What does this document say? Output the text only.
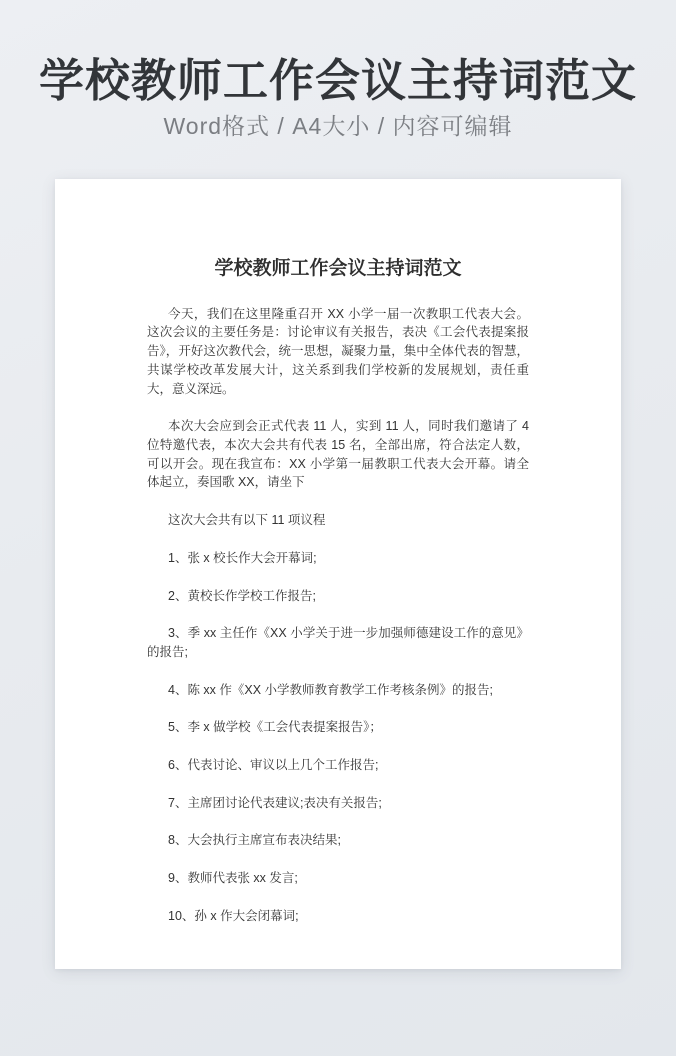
学校教师工作会议主持词范文
Word格式 / A4大小 / 内容可编辑
学校教师工作会议主持词范文

今天，我们在这里隆重召开 XX 小学一届一次教职工代表大会。这次会议的主要任务是：讨论审议有关报告，表决《工会代表提案报告》，开好这次教代会，统一思想，凝聚力量，集中全体代表的智慧，共谋学校改革发展大计，这关系到我们学校新的发展规划，责任重大，意义深远。

本次大会应到会正式代表 11 人，实到 11 人，同时我们邀请了 4 位特邀代表，本次大会共有代表 15 名，全部出席，符合法定人数，可以开会。现在我宣布：XX 小学第一届教职工代表大会开幕。请全体起立，奏国歌 XX，请坐下

这次大会共有以下 11 项议程

1、张 x 校长作大会开幕词;

2、黄校长作学校工作报告;

3、季 xx 主任作《XX 小学关于进一步加强师德建设工作的意见》的报告;

4、陈 xx 作《XX 小学教师教育教学工作考核条例》的报告;

5、李 x 做学校《工会代表提案报告》；

6、代表讨论、审议以上几个工作报告;

7、主席团讨论代表建议;表决有关报告;

8、大会执行主席宣布表决结果;

9、教师代表张 xx 发言;

10、孙 x 作大会闭幕词;
